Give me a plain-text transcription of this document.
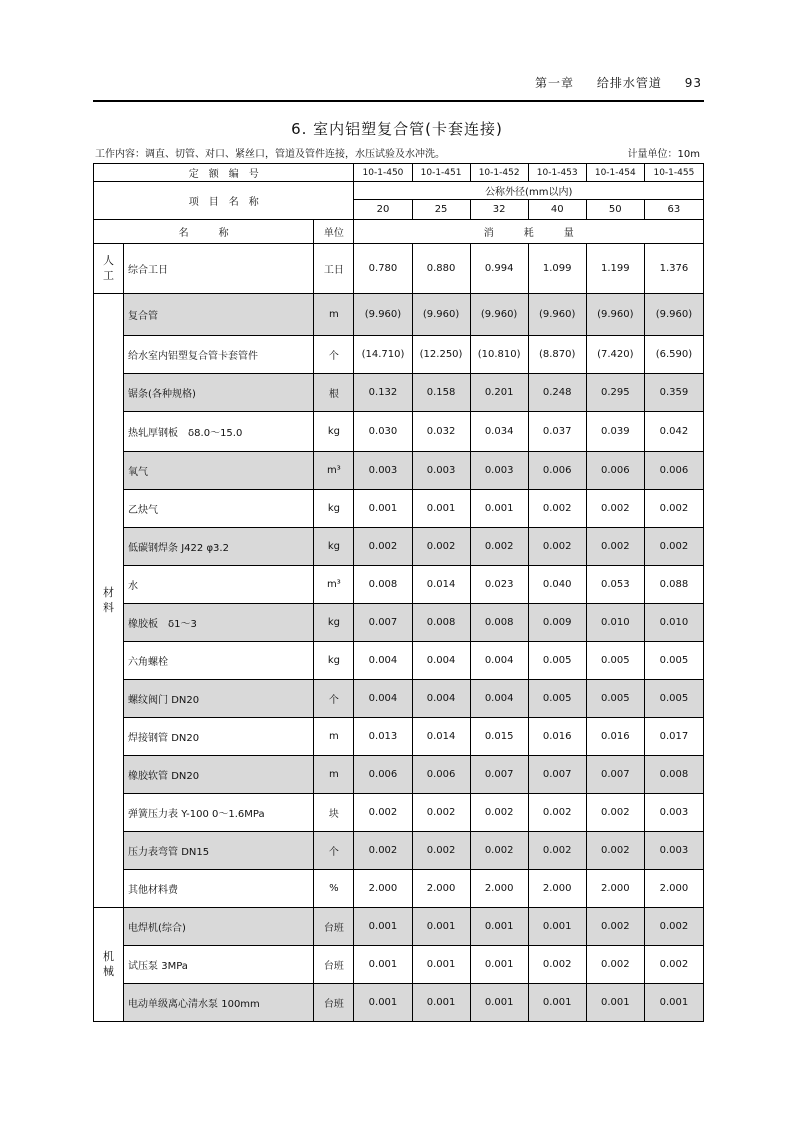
第一章 给排水管道 93
6. 室内铝塑复合管(卡套连接)
工作内容：调直、切管、对口、紧丝口，管道及管件连接，水压试验及水冲洗。	计量单位：10m
定　额　编　号			10-1-450	10-1-451	10-1-452	10-1-453	10-1-454	10-1-455
项　目　名　称			公称外径(mm以内)					
			20	25	32	40	50	63
名　　　称		单位	消　　　耗　　　量					
人工	综合工日	工日	0.780	0.880	0.994	1.099	1.199	1.376
材料	复合管	m	(9.960)	(9.960)	(9.960)	(9.960)	(9.960)	(9.960)
	给水室内铝塑复合管卡套管件	个	(14.710)	(12.250)	(10.810)	(8.870)	(7.420)	(6.590)
	锯条(各种规格)	根	0.132	0.158	0.201	0.248	0.295	0.359
	热轧厚钢板　δ8.0～15.0	kg	0.030	0.032	0.034	0.037	0.039	0.042
	氧气	m³	0.003	0.003	0.003	0.006	0.006	0.006
	乙炔气	kg	0.001	0.001	0.001	0.002	0.002	0.002
	低碳钢焊条 J422 φ3.2	kg	0.002	0.002	0.002	0.002	0.002	0.002
	水	m³	0.008	0.014	0.023	0.040	0.053	0.088
	橡胶板　δ1～3	kg	0.007	0.008	0.008	0.009	0.010	0.010
	六角螺栓	kg	0.004	0.004	0.004	0.005	0.005	0.005
	螺纹阀门 DN20	个	0.004	0.004	0.004	0.005	0.005	0.005
	焊接钢管 DN20	m	0.013	0.014	0.015	0.016	0.016	0.017
	橡胶软管 DN20	m	0.006	0.006	0.007	0.007	0.007	0.008
	弹簧压力表 Y-100 0～1.6MPa	块	0.002	0.002	0.002	0.002	0.002	0.003
	压力表弯管 DN15	个	0.002	0.002	0.002	0.002	0.002	0.003
	其他材料费	%	2.000	2.000	2.000	2.000	2.000	2.000
机械	电焊机(综合)	台班	0.001	0.001	0.001	0.001	0.002	0.002
	试压泵 3MPa	台班	0.001	0.001	0.001	0.002	0.002	0.002
	电动单级离心清水泵 100mm	台班	0.001	0.001	0.001	0.001	0.001	0.001
